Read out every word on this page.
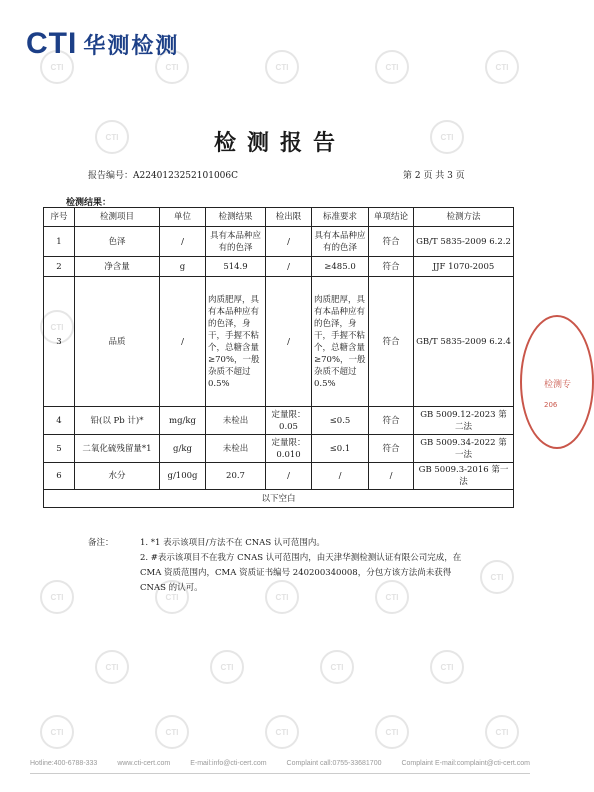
CTI	CTI	CTI	CTI	CTI
CTI	CTI
CTI
CTI
CTI	CTI	CTI	CTI
CTI	CTI	CTI	CTI
CTI	CTI	CTI	CTI	CTI
CTI 华测检测
检测报告
报告编号：A2240123252101006C	第 2 页 共 3 页
检测结果：
序号	检测项目	单位	检测结果	检出限	标准要求	单项结论	检测方法
1	色泽	/	具有本品种应有的色泽	/	具有本品种应有的色泽	符合	GB/T 5835-2009 6.2.2
2	净含量	g	514.9	/	≥485.0	符合	JJF 1070-2005
3	品质	/	肉质肥厚，具有本品种应有的色泽，身干，手握不粘个，总糖含量≥70%，一般杂质不超过0.5%	/	肉质肥厚，具有本品种应有的色泽，身干，手握不粘个，总糖含量≥70%，一般杂质不超过0.5%	符合	GB/T 5835-2009 6.2.4
4	铅(以 Pb 计)*	mg/kg	未检出	定量限：0.05	≤0.5	符合	GB 5009.12-2023 第二法
5	二氧化硫残留量*1	g/kg	未检出	定量限：0.010	≤0.1	符合	GB 5009.34-2022 第一法
6	水分	g/100g	20.7	/	/	/	GB 5009.3-2016 第一法
以下空白							
备注：	1. *1 表示该项目/方法不在 CNAS 认可范围内。
2. #表示该项目不在我方 CNAS 认可范围内，由天津华测检测认证有限公司完成，在 CMA 资质范围内，CMA 资质证书编号 240200340008，分包方该方法尚未获得 CNAS 的认可。
检测专
206
Hotline:400-6788-333	www.cti-cert.com	E-mail:info@cti-cert.com	Complaint call:0755-33681700	Complaint E-mail:complaint@cti-cert.com
